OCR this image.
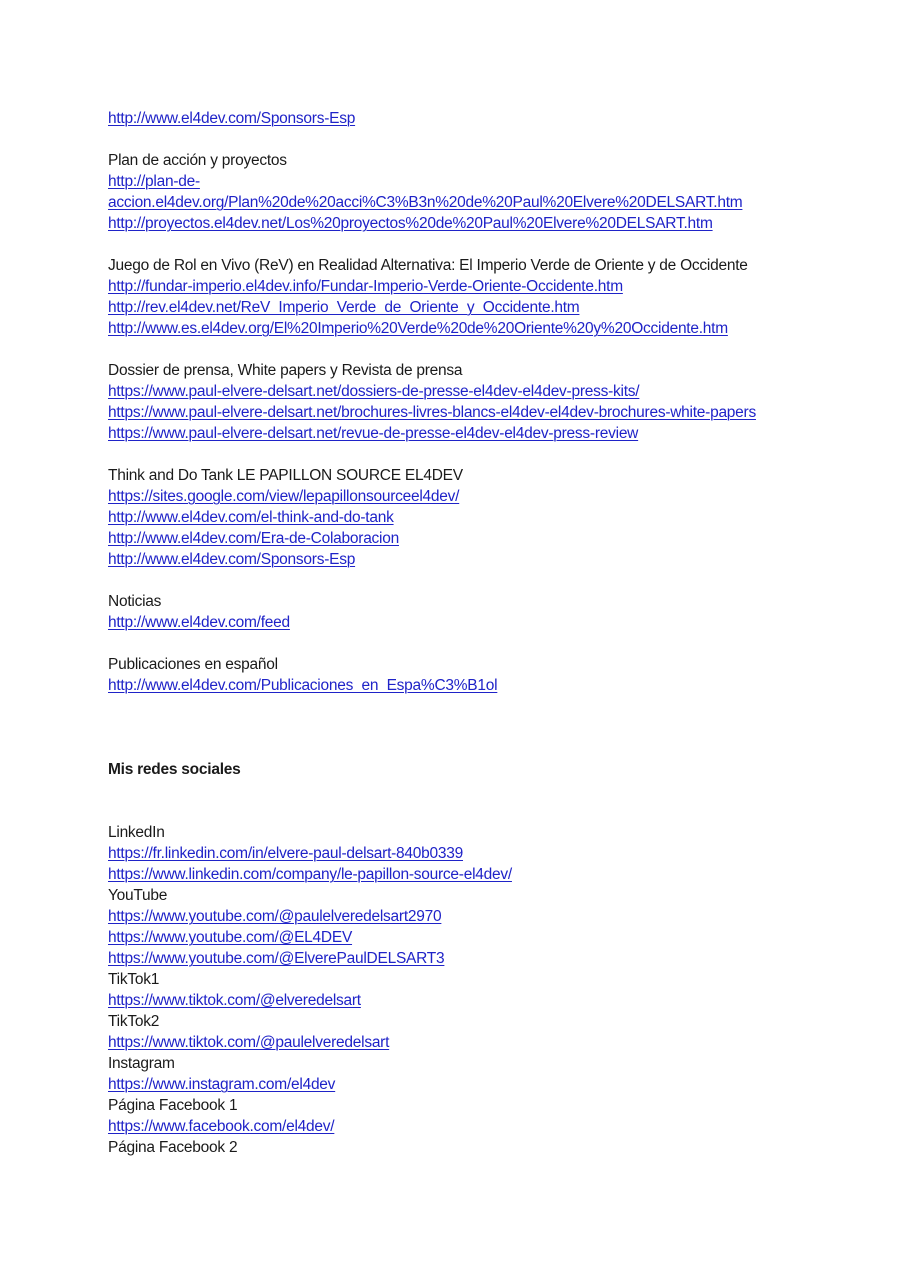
http://www.el4dev.com/Sponsors-Esp
Plan de acción y proyectos
http://plan-de-
accion.el4dev.org/Plan%20de%20acci%C3%B3n%20de%20Paul%20Elvere%20DELSART.htm
http://proyectos.el4dev.net/Los%20proyectos%20de%20Paul%20Elvere%20DELSART.htm
Juego de Rol en Vivo (ReV) en Realidad Alternativa: El Imperio Verde de Oriente y de Occidente
http://fundar-imperio.el4dev.info/Fundar-Imperio-Verde-Oriente-Occidente.htm
http://rev.el4dev.net/ReV_Imperio_Verde_de_Oriente_y_Occidente.htm
http://www.es.el4dev.org/El%20Imperio%20Verde%20de%20Oriente%20y%20Occidente.htm
Dossier de prensa, White papers y Revista de prensa
https://www.paul-elvere-delsart.net/dossiers-de-presse-el4dev-el4dev-press-kits/
https://www.paul-elvere-delsart.net/brochures-livres-blancs-el4dev-el4dev-brochures-white-papers
https://www.paul-elvere-delsart.net/revue-de-presse-el4dev-el4dev-press-review
Think and Do Tank LE PAPILLON SOURCE EL4DEV
https://sites.google.com/view/lepapillonsourceel4dev/
http://www.el4dev.com/el-think-and-do-tank
http://www.el4dev.com/Era-de-Colaboracion
http://www.el4dev.com/Sponsors-Esp
Noticias
http://www.el4dev.com/feed
Publicaciones en español
http://www.el4dev.com/Publicaciones_en_Espa%C3%B1ol
Mis redes sociales
LinkedIn
https://fr.linkedin.com/in/elvere-paul-delsart-840b0339
https://www.linkedin.com/company/le-papillon-source-el4dev/
YouTube
https://www.youtube.com/@paulelveredelsart2970
https://www.youtube.com/@EL4DEV
https://www.youtube.com/@ElverePaulDELSART3
TikTok1
https://www.tiktok.com/@elveredelsart
TikTok2
https://www.tiktok.com/@paulelveredelsart
Instagram
https://www.instagram.com/el4dev
Página Facebook 1
https://www.facebook.com/el4dev/
Página Facebook 2
